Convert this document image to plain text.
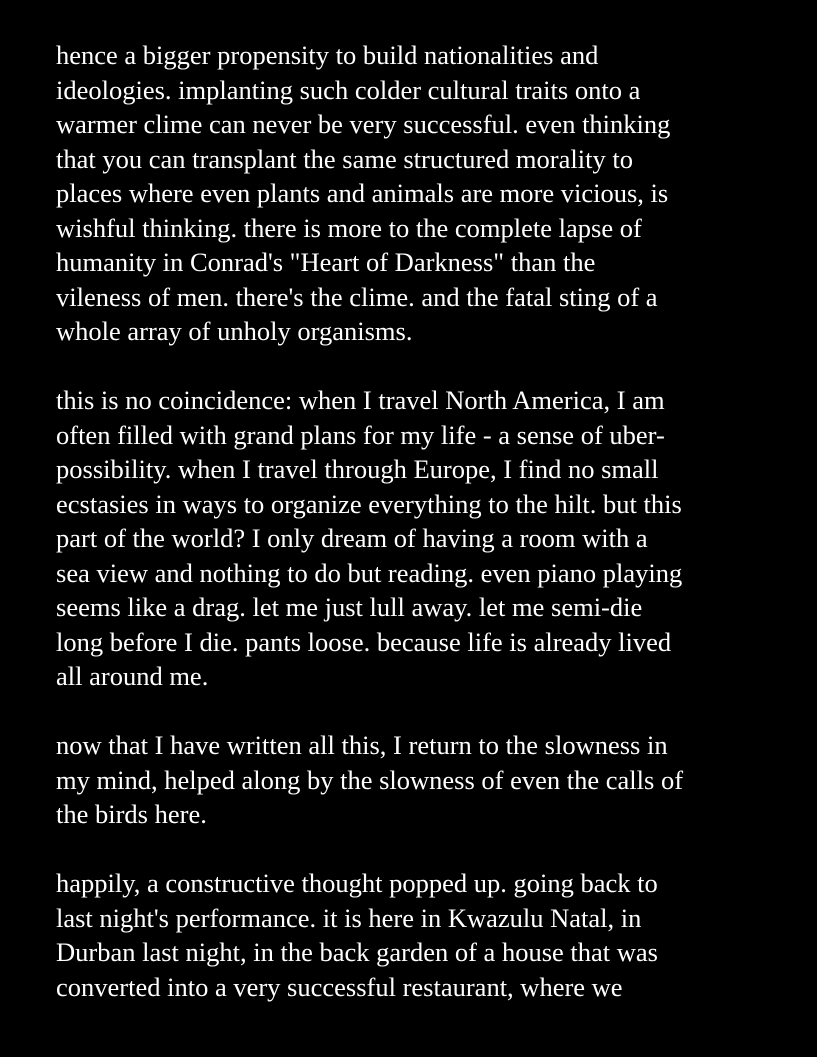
hence a bigger propensity to build nationalities and
ideologies. implanting such colder cultural traits onto a
warmer clime can never be very successful. even thinking
that you can transplant the same structured morality to
places where even plants and animals are more vicious, is
wishful thinking. there is more to the complete lapse of
humanity in Conrad's "Heart of Darkness" than the
vileness of men. there's the clime. and the fatal sting of a
whole array of unholy organisms.

this is no coincidence: when I travel North America, I am
often filled with grand plans for my life - a sense of uber-
possibility. when I travel through Europe, I find no small
ecstasies in ways to organize everything to the hilt. but this
part of the world? I only dream of having a room with a
sea view and nothing to do but reading. even piano playing
seems like a drag. let me just lull away. let me semi-die
long before I die. pants loose. because life is already lived
all around me.

now that I have written all this, I return to the slowness in
my mind, helped along by the slowness of even the calls of
the birds here.

happily, a constructive thought popped up. going back to
last night's performance. it is here in Kwazulu Natal, in
Durban last night, in the back garden of a house that was
converted into a very successful restaurant, where we
